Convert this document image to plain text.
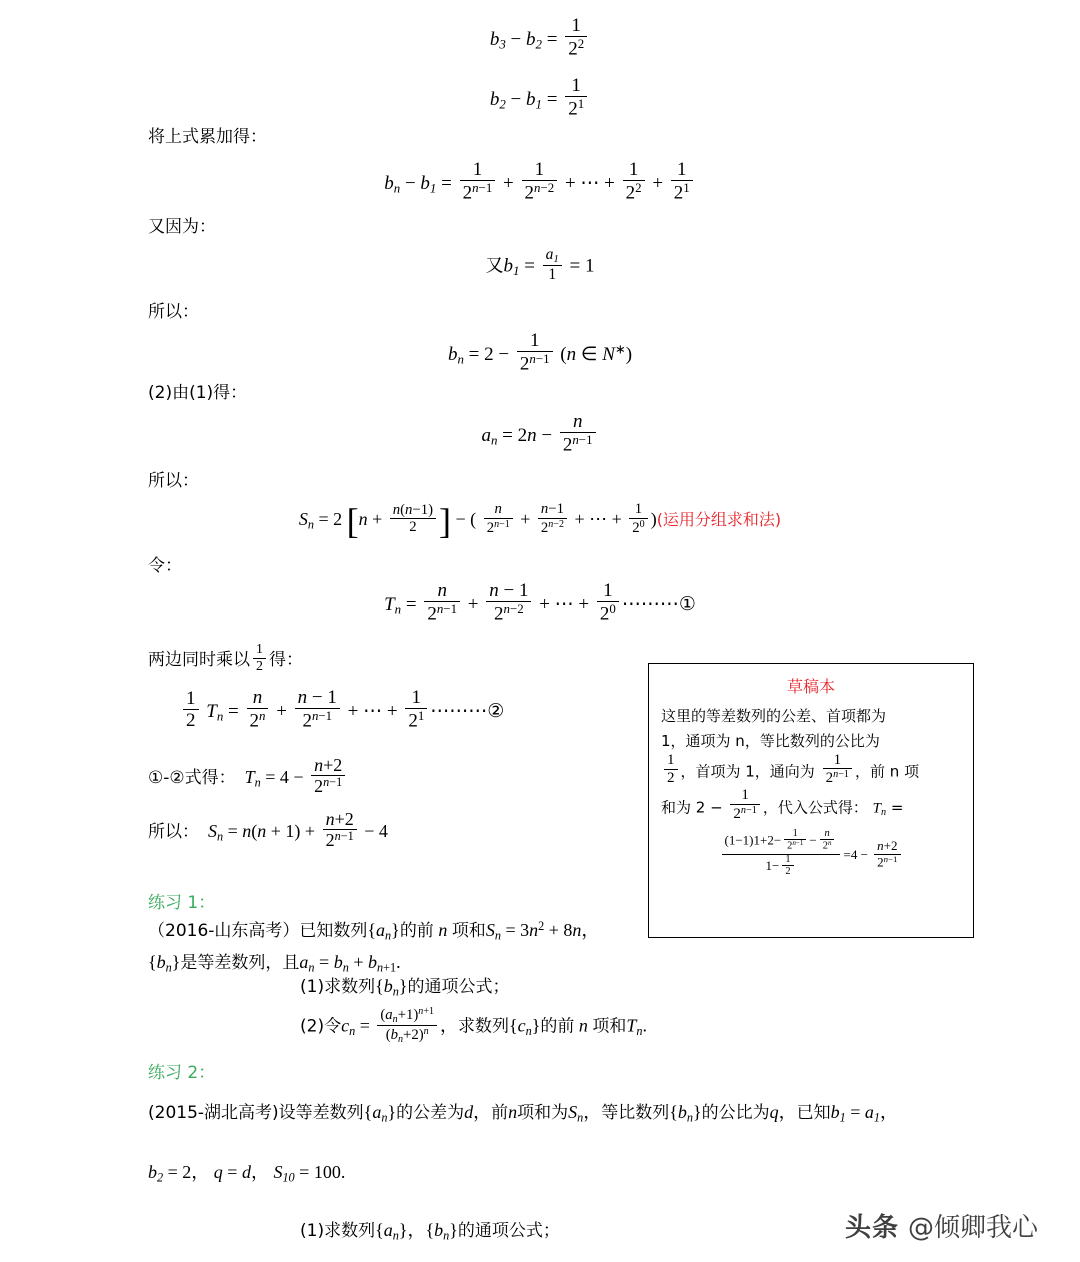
$b_3 - b_2 = \frac{1}{2^2}$
$b_2 - b_1 = \frac{1}{2^1}$
将上式累加得：
bn − $b_1 = \frac{1}{2^{n-1}} + \frac{1}{2^{n-2}}$ + ⋯ + $\frac{1}{2^2} + \frac{1}{2^1}$
又因为：
又$b_1 = \frac{a_1}{1} = 1$
所以：
bn = $2 - \frac{1}{2^{n-1}} (n$ ∈ N∗)
(2)由(1)得：
an = $2n - \frac{n}{2^{n-1}}$
所以：
Sn = 2 [$n + \frac{n(n-1)}{2}$ ] − ( $\frac{n}{2^{n-1}} + \frac{n-1}{2^{n-2}}$ + ⋯ + $\frac{1}{2^0}$ )(运用分组求和法)
令：
$Tn = \frac{n}{2^{n-1}} + \frac{n - 1}{2^{n-2}}$ + ⋯ + $\frac{1}{2^0}$ ⋯⋯⋯①
两边同时乘以 $\frac{1}{2}$ 得：
$\frac{1}{2}$ $Tn = \frac{n}{2^n} + \frac{n - 1}{2^{n-1}}$ + ⋯ + $\frac{1}{2^1}$ ⋯⋯⋯②
①-②式得：  $Tn = 4 - \frac{n+2}{2^{n-1}}$
所以：  $Sn = n(n + 1) + \frac{n+2}{2^{n-1}} - 4$
草稿本
这里的等差数列的公差、首项都为
1，通项为 n，等比数列的公比为
$\frac{1}{2}$ ，首项为 1，通向为 $\frac{1}{2^{n-1}}$ ，前 n 项
和为 $2 - \frac{1}{2^{n-1}}$ ，代入公式得： Tn =
$\frac{(1-1)1+2- \frac{1}{2^{n-1}} - \frac{n}{2^n}}{1- \frac{1}{2}} =4 - \frac{n+2}{2^{n-1}}$
练习 1：
（2016-山东高考）已知数列{an}的前 n 项和$Sn = 3n^2 + 8n$，{bn}是等差数列，且an = bn + bn+1.
(1)求数列{bn}的通项公式；
(2)令cn = $\frac{(an+1)^{n+1}}{(bn+2)^n}$ ，求数列{cn}的前 n 项和Tn.
练习 2：
(2015-湖北高考)设等差数列{an}的公差为d，前n项和为Sn，等比数列{bn}的公比为q，已知$b_1 = a_1$，
$b_2 = 2$， q = d， $S_{10} = 100$.
(1)求数列{an}，{bn}的通项公式；	头条 @倾卿我心
